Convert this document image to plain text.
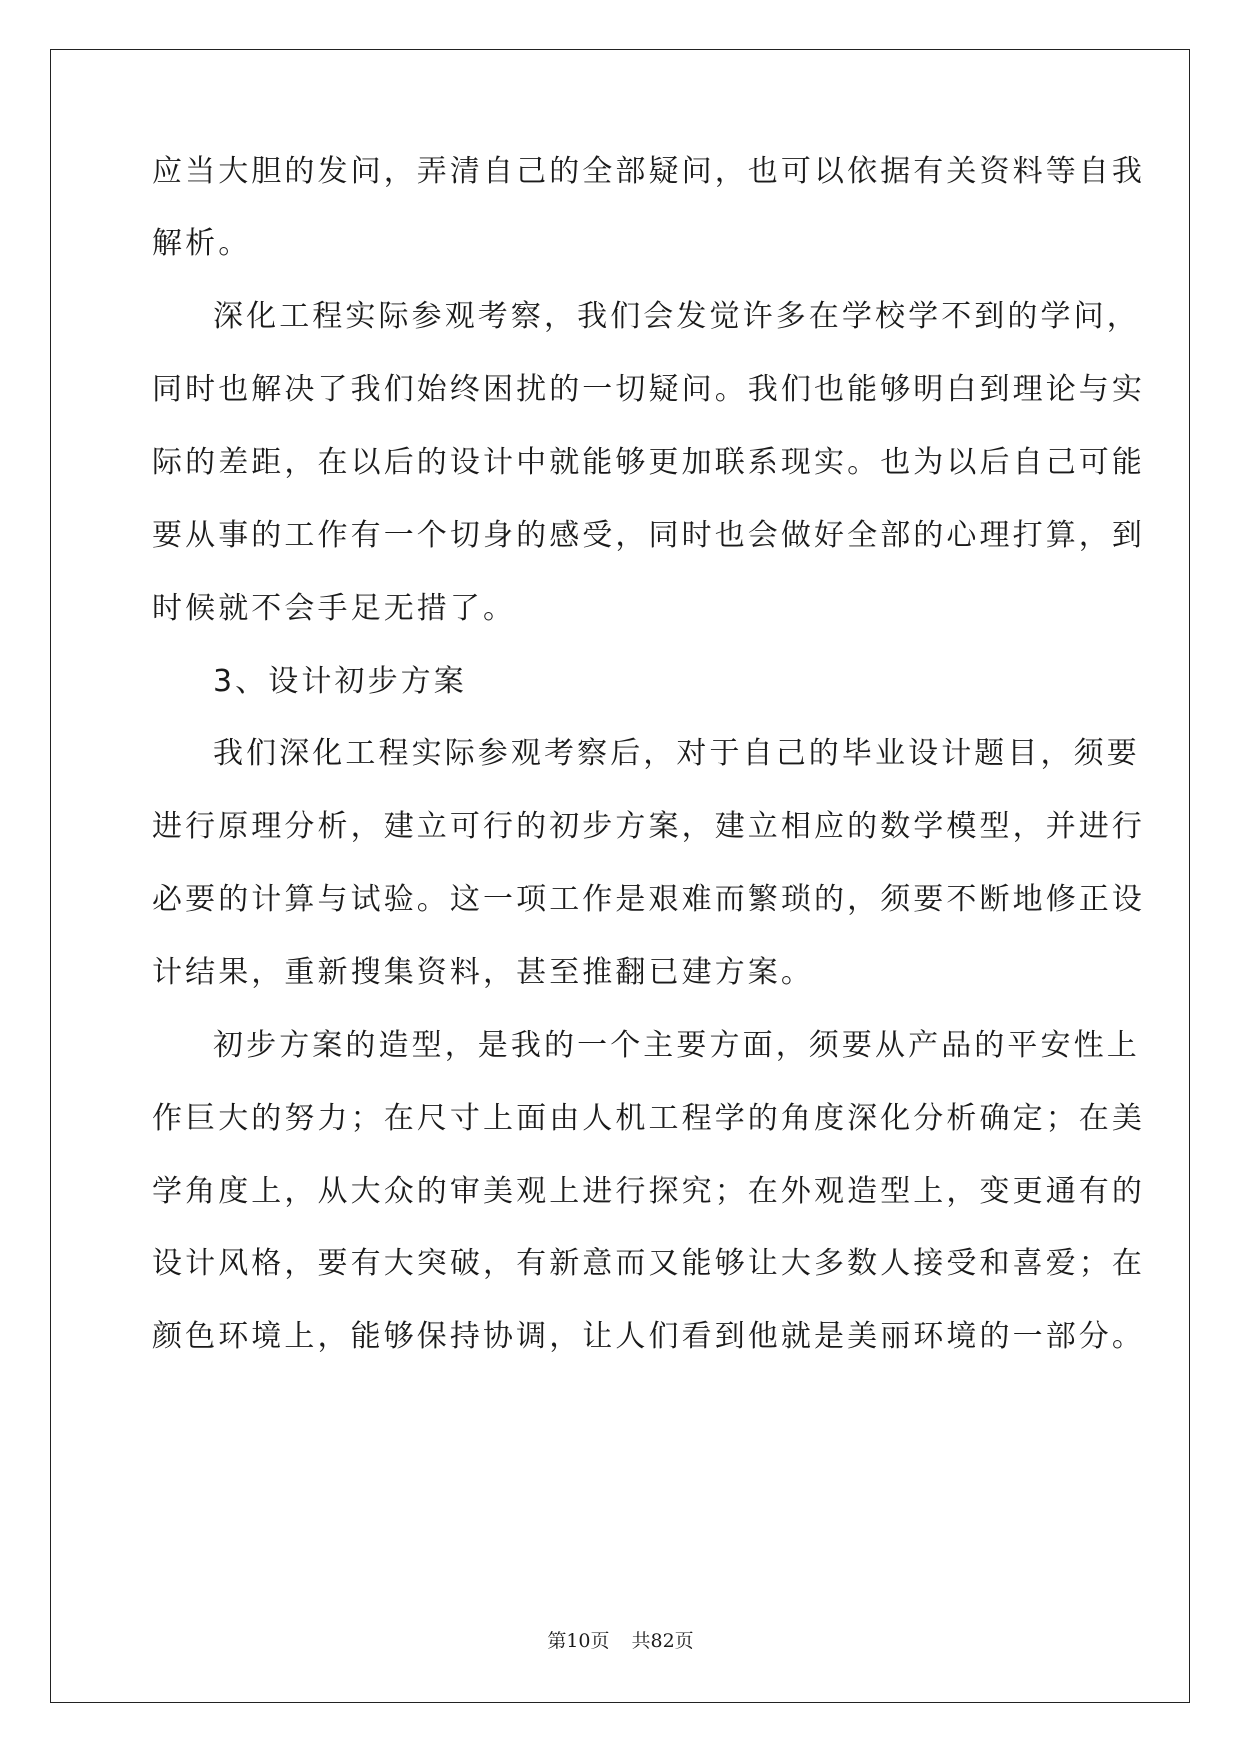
应当大胆的发问，弄清自己的全部疑问，也可以依据有关资料等自我
解析。
深化工程实际参观考察，我们会发觉许多在学校学不到的学问，
同时也解决了我们始终困扰的一切疑问。我们也能够明白到理论与实
际的差距，在以后的设计中就能够更加联系现实。也为以后自己可能
要从事的工作有一个切身的感受，同时也会做好全部的心理打算，到
时候就不会手足无措了。
3、设计初步方案
我们深化工程实际参观考察后，对于自己的毕业设计题目，须要
进行原理分析，建立可行的初步方案，建立相应的数学模型，并进行
必要的计算与试验。这一项工作是艰难而繁琐的，须要不断地修正设
计结果，重新搜集资料，甚至推翻已建方案。
初步方案的造型，是我的一个主要方面，须要从产品的平安性上
作巨大的努力；在尺寸上面由人机工程学的角度深化分析确定；在美
学角度上，从大众的审美观上进行探究；在外观造型上，变更通有的
设计风格，要有大突破，有新意而又能够让大多数人接受和喜爱；在
颜色环境上，能够保持协调，让人们看到他就是美丽环境的一部分。
第10页 共82页
